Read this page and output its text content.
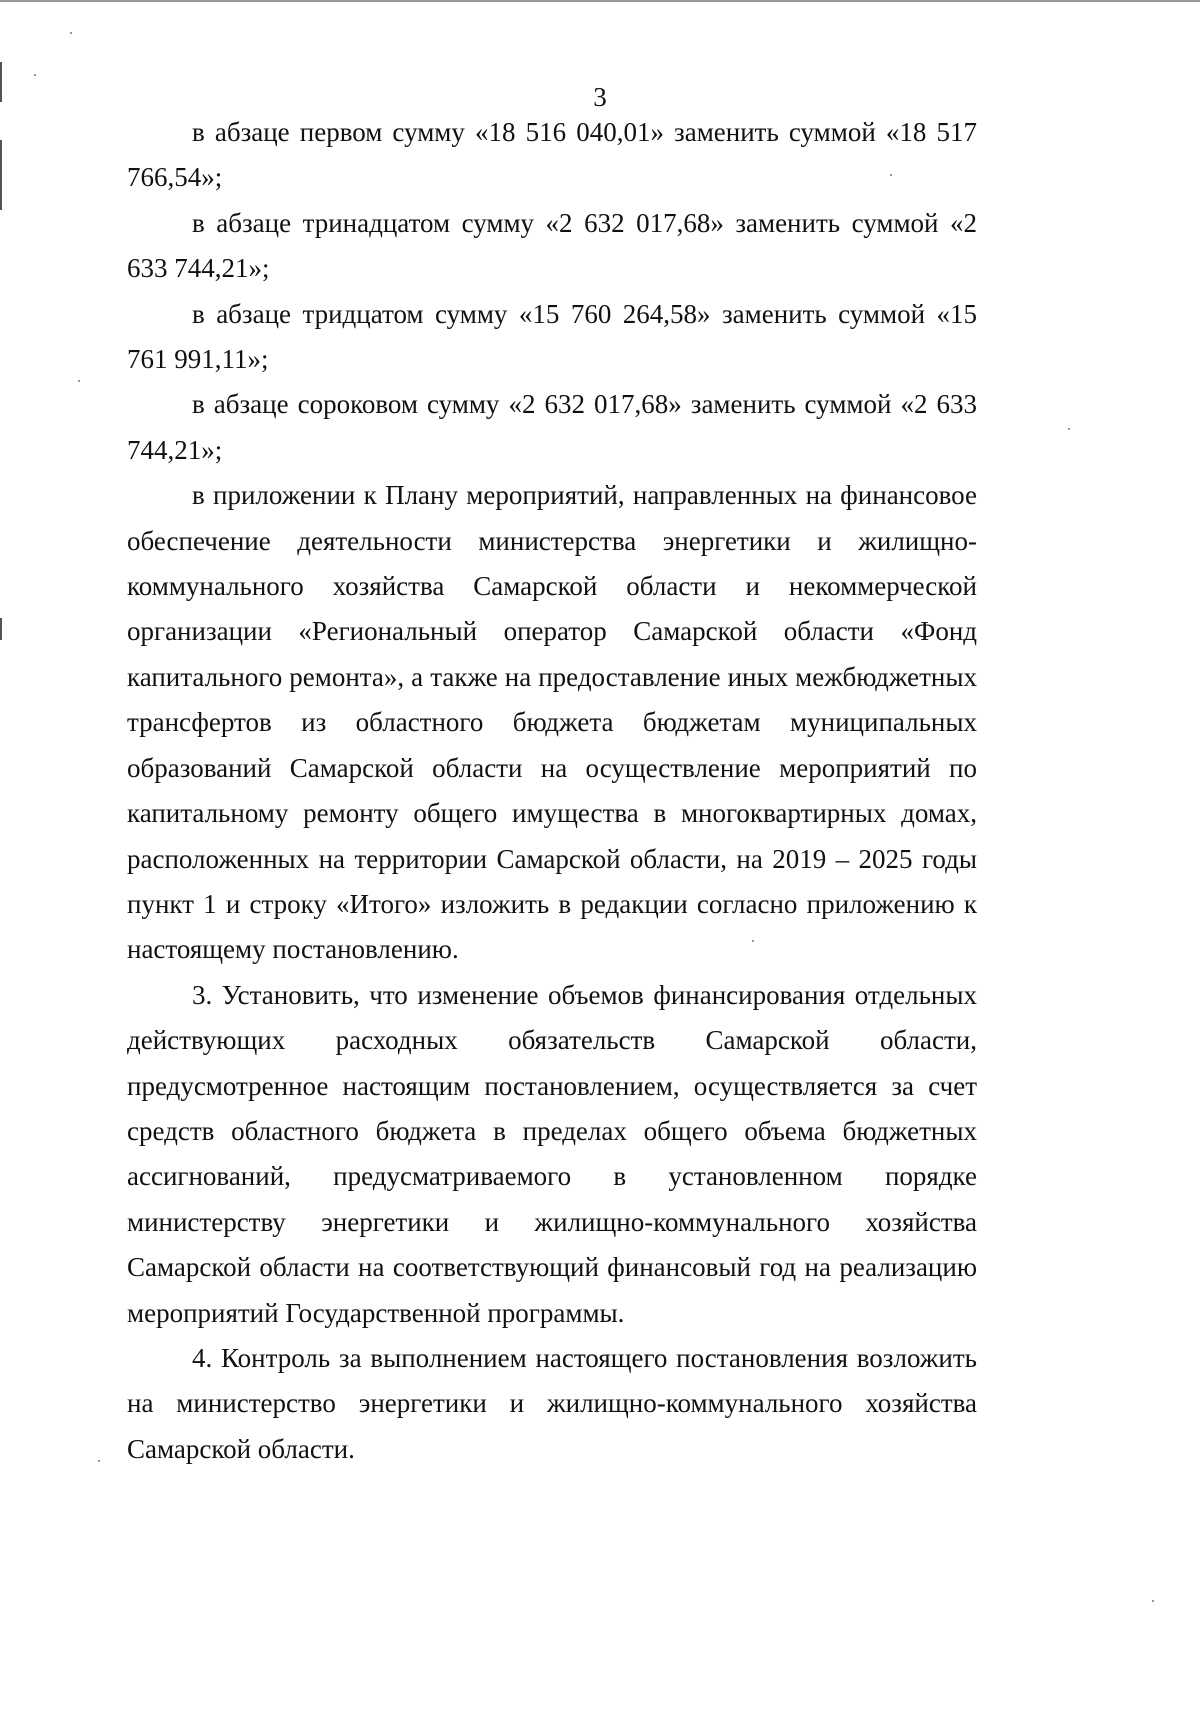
3

в абзаце первом сумму «18 516 040,01» заменить суммой «18 517 766,54»;

в абзаце тринадцатом сумму «2 632 017,68» заменить суммой «2 633 744,21»;

в абзаце тридцатом сумму «15 760 264,58» заменить суммой «15 761 991,11»;

в абзаце сороковом сумму «2 632 017,68» заменить суммой «2 633 744,21»;

в приложении к Плану мероприятий, направленных на финансовое обеспечение деятельности министерства энергетики и жилищно-коммунального хозяйства Самарской области и некоммерческой организации «Региональный оператор Самарской области «Фонд капитального ремонта», а также на предоставление иных межбюджетных трансфертов из областного бюджета бюджетам муниципальных образований Самарской области на осуществление мероприятий по капитальному ремонту общего имущества в многоквартирных домах, расположенных на территории Самарской области, на 2019 – 2025 годы пункт 1 и строку «Итого» изложить в редакции согласно приложению к настоящему постановлению.

3. Установить, что изменение объемов финансирования отдельных действующих расходных обязательств Самарской области, предусмотренное настоящим постановлением, осуществляется за счет средств областного бюджета в пределах общего объема бюджетных ассигнований, предусматриваемого в установленном порядке министерству энергетики и жилищно-коммунального хозяйства Самарской области на соответствующий финансовый год на реализацию мероприятий Государственной программы.

4. Контроль за выполнением настоящего постановления возложить на министерство энергетики и жилищно-коммунального хозяйства Самарской области.
